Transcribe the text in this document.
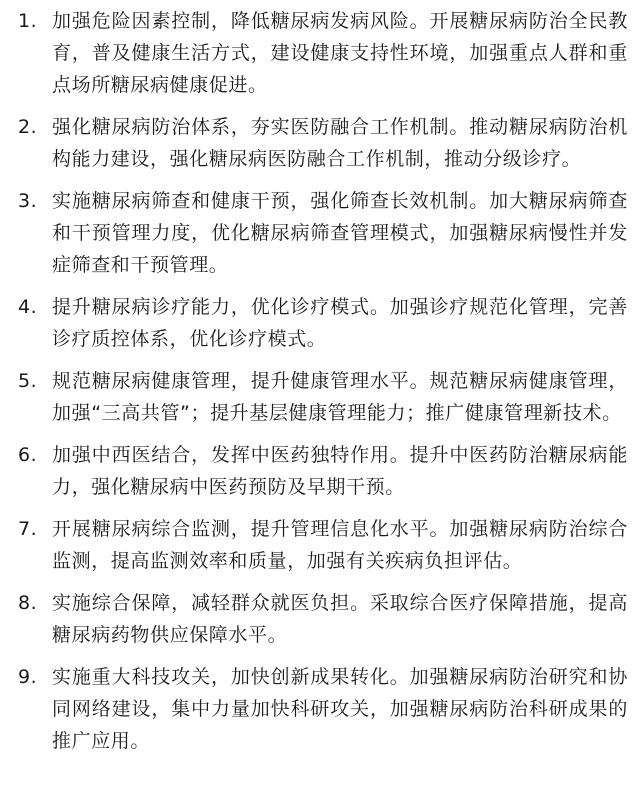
1. 加强危险因素控制，降低糖尿病发病风险。开展糖尿病防治全民教育，普及健康生活方式，建设健康支持性环境，加强重点人群和重点场所糖尿病健康促进。
2. 强化糖尿病防治体系，夯实医防融合工作机制。推动糖尿病防治机构能力建设，强化糖尿病医防融合工作机制，推动分级诊疗。
3. 实施糖尿病筛查和健康干预，强化筛查长效机制。加大糖尿病筛查和干预管理力度，优化糖尿病筛查管理模式，加强糖尿病慢性并发症筛查和干预管理。
4. 提升糖尿病诊疗能力，优化诊疗模式。加强诊疗规范化管理，完善诊疗质控体系，优化诊疗模式。
5. 规范糖尿病健康管理，提升健康管理水平。规范糖尿病健康管理，加强“三高共管”；提升基层健康管理能力；推广健康管理新技术。
6. 加强中西医结合，发挥中医药独特作用。提升中医药防治糖尿病能力，强化糖尿病中医药预防及早期干预。
7. 开展糖尿病综合监测，提升管理信息化水平。加强糖尿病防治综合监测，提高监测效率和质量，加强有关疾病负担评估。
8. 实施综合保障，减轻群众就医负担。采取综合医疗保障措施，提高糖尿病药物供应保障水平。
9. 实施重大科技攻关，加快创新成果转化。加强糖尿病防治研究和协同网络建设，集中力量加快科研攻关，加强糖尿病防治科研成果的推广应用。
